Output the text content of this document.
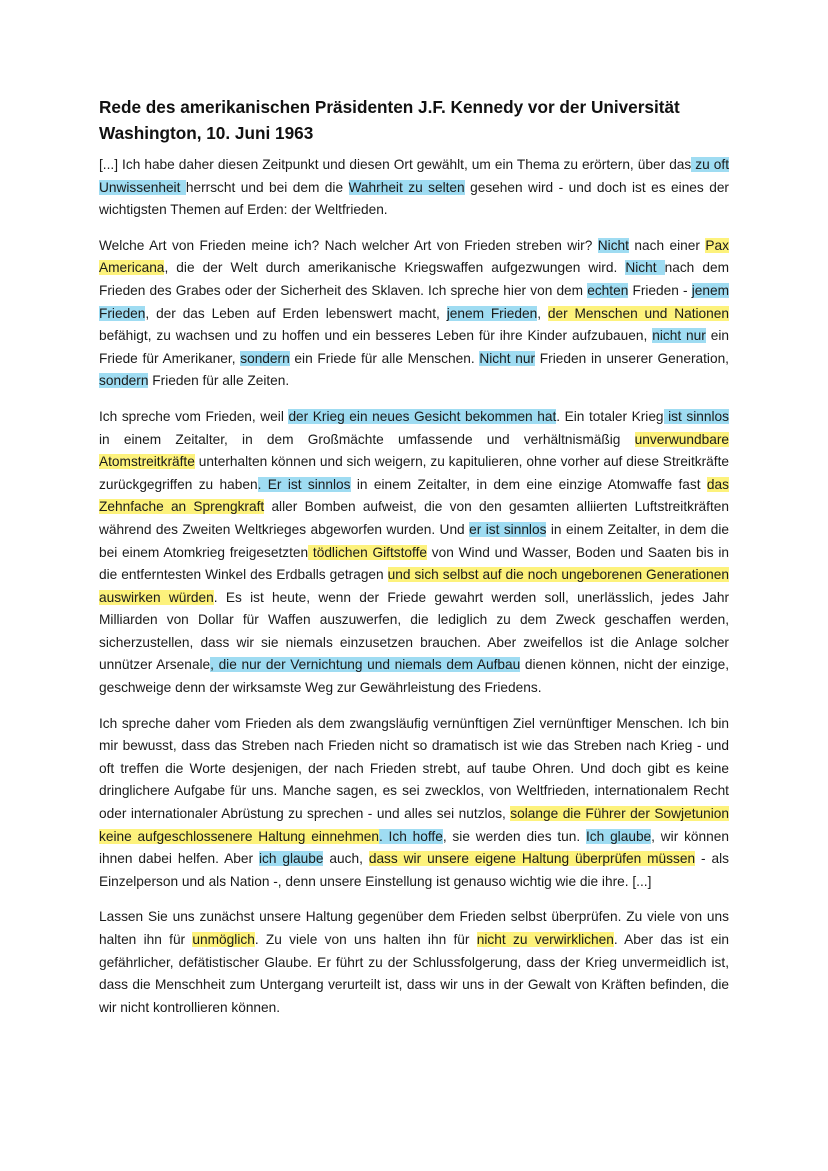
Rede des amerikanischen Präsidenten J.F. Kennedy vor der Universität Washington, 10. Juni 1963

[...] Ich habe daher diesen Zeitpunkt und diesen Ort gewählt, um ein Thema zu erörtern, über das zu oft Unwissenheit herrscht und bei dem die Wahrheit zu selten gesehen wird - und doch ist es eines der wichtigsten Themen auf Erden: der Weltfrieden.

Welche Art von Frieden meine ich? Nach welcher Art von Frieden streben wir? Nicht nach einer Pax Americana, die der Welt durch amerikanische Kriegswaffen aufgezwungen wird. Nicht nach dem Frieden des Grabes oder der Sicherheit des Sklaven. Ich spreche hier von dem echten Frieden - jenem Frieden, der das Leben auf Erden lebenswert macht, jenem Frieden, der Menschen und Nationen befähigt, zu wachsen und zu hoffen und ein besseres Leben für ihre Kinder aufzubauen, nicht nur ein Friede für Amerikaner, sondern ein Friede für alle Menschen. Nicht nur Frieden in unserer Generation, sondern Frieden für alle Zeiten.

Ich spreche vom Frieden, weil der Krieg ein neues Gesicht bekommen hat. Ein totaler Krieg ist sinnlos in einem Zeitalter, in dem Großmächte umfassende und verhältnismäßig unverwundbare Atomstreitkräfte unterhalten können und sich weigern, zu kapitulieren, ohne vorher auf diese Streitkräfte zurückgegriffen zu haben. Er ist sinnlos in einem Zeitalter, in dem eine einzige Atomwaffe fast das Zehnfache an Sprengkraft aller Bomben aufweist, die von den gesamten alliierten Luftstreitkräften während des Zweiten Weltkrieges abgeworfen wurden. Und er ist sinnlos in einem Zeitalter, in dem die bei einem Atomkrieg freigesetzten tödlichen Giftstoffe von Wind und Wasser, Boden und Saaten bis in die entferntesten Winkel des Erdballs getragen und sich selbst auf die noch ungeborenen Generationen auswirken würden. Es ist heute, wenn der Friede gewahrt werden soll, unerlässlich, jedes Jahr Milliarden von Dollar für Waffen auszuwerfen, die lediglich zu dem Zweck geschaffen werden, sicherzustellen, dass wir sie niemals einzusetzen brauchen. Aber zweifellos ist die Anlage solcher unnützer Arsenale, die nur der Vernichtung und niemals dem Aufbau dienen können, nicht der einzige, geschweige denn der wirksamste Weg zur Gewährleistung des Friedens.

Ich spreche daher vom Frieden als dem zwangsläufig vernünftigen Ziel vernünftiger Menschen. Ich bin mir bewusst, dass das Streben nach Frieden nicht so dramatisch ist wie das Streben nach Krieg - und oft treffen die Worte desjenigen, der nach Frieden strebt, auf taube Ohren. Und doch gibt es keine dringlichere Aufgabe für uns. Manche sagen, es sei zwecklos, von Weltfrieden, internationalem Recht oder internationaler Abrüstung zu sprechen - und alles sei nutzlos, solange die Führer der Sowjetunion keine aufgeschlossenere Haltung einnehmen. Ich hoffe, sie werden dies tun. Ich glaube, wir können ihnen dabei helfen. Aber ich glaube auch, dass wir unsere eigene Haltung überprüfen müssen - als Einzelperson und als Nation -, denn unsere Einstellung ist genauso wichtig wie die ihre. [...]

Lassen Sie uns zunächst unsere Haltung gegenüber dem Frieden selbst überprüfen. Zu viele von uns halten ihn für unmöglich. Zu viele von uns halten ihn für nicht zu verwirklichen. Aber das ist ein gefährlicher, defätistischer Glaube. Er führt zu der Schlussfolgerung, dass der Krieg unvermeidlich ist, dass die Menschheit zum Untergang verurteilt ist, dass wir uns in der Gewalt von Kräften befinden, die wir nicht kontrollieren können.
